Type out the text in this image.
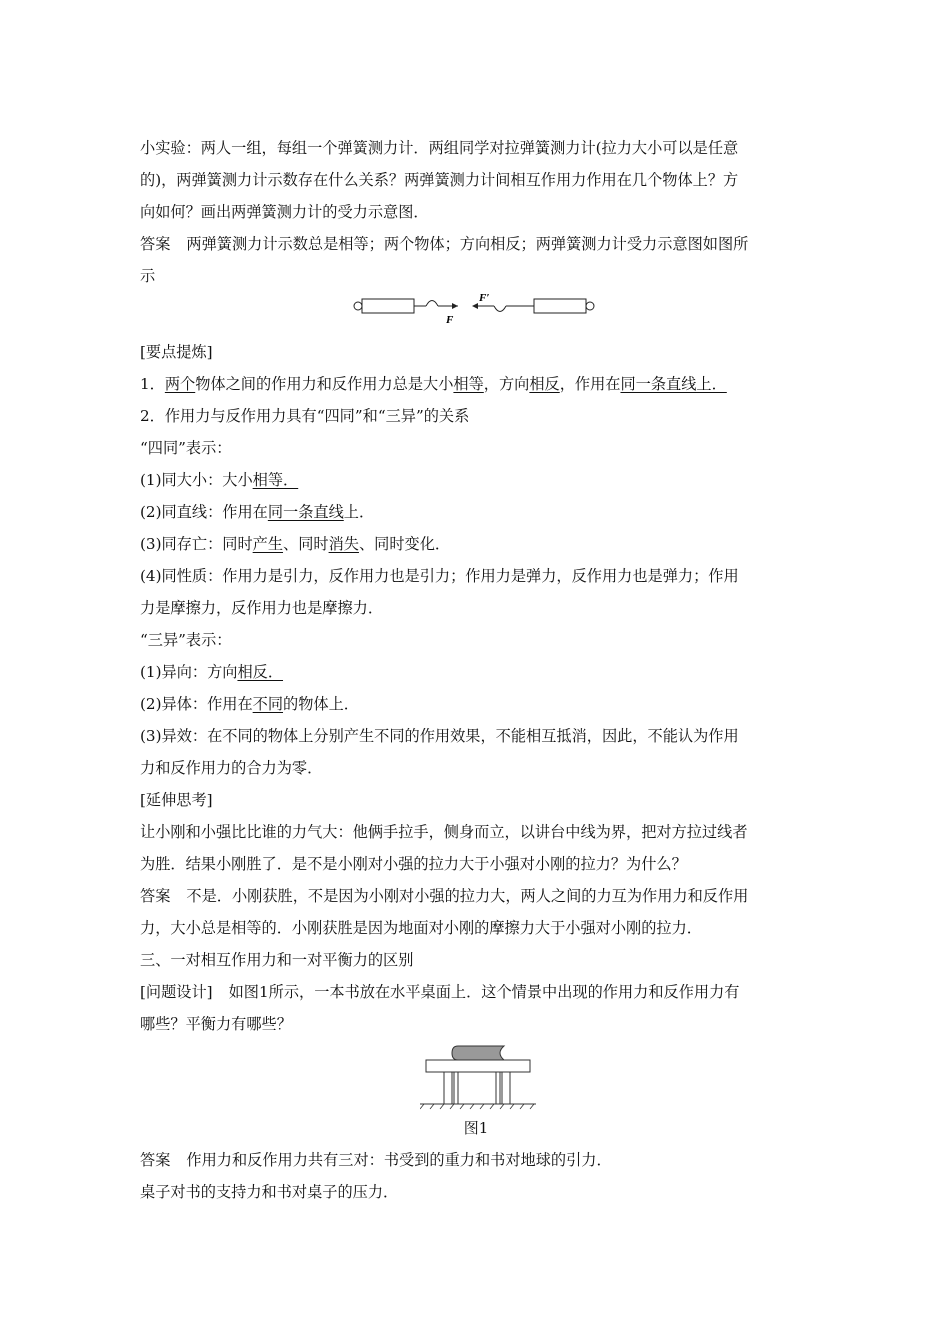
小实验：两人一组，每组一个弹簧测力计．两组同学对拉弹簧测力计(拉力大小可以是任意
的)，两弹簧测力计示数存在什么关系？两弹簧测力计间相互作用力作用在几个物体上？方
向如何？画出两弹簧测力计的受力示意图．
答案 两弹簧测力计示数总是相等；两个物体；方向相反；两弹簧测力计受力示意图如图所
示
F
F′
[要点提炼]
1．两个物体之间的作用力和反作用力总是大小相等，方向相反，作用在同一条直线上．
2．作用力与反作用力具有“四同”和“三异”的关系
“四同”表示：
(1)同大小：大小相等．
(2)同直线：作用在同一条直线上．
(3)同存亡：同时产生、同时消失、同时变化．
(4)同性质：作用力是引力，反作用力也是引力；作用力是弹力，反作用力也是弹力；作用
力是摩擦力，反作用力也是摩擦力．
“三异”表示：
(1)异向：方向相反．
(2)异体：作用在不同的物体上．
(3)异效：在不同的物体上分别产生不同的作用效果，不能相互抵消，因此，不能认为作用
力和反作用力的合力为零．
[延伸思考]
让小刚和小强比比谁的力气大：他俩手拉手，侧身而立，以讲台中线为界，把对方拉过线者
为胜．结果小刚胜了．是不是小刚对小强的拉力大于小强对小刚的拉力？为什么？
答案 不是．小刚获胜，不是因为小刚对小强的拉力大，两人之间的力互为作用力和反作用
力，大小总是相等的．小刚获胜是因为地面对小刚的摩擦力大于小强对小刚的拉力．
三、一对相互作用力和一对平衡力的区别
[问题设计] 如图1所示，一本书放在水平桌面上．这个情景中出现的作用力和反作用力有
哪些？平衡力有哪些？
图1
答案 作用力和反作用力共有三对：书受到的重力和书对地球的引力．
桌子对书的支持力和书对桌子的压力．
